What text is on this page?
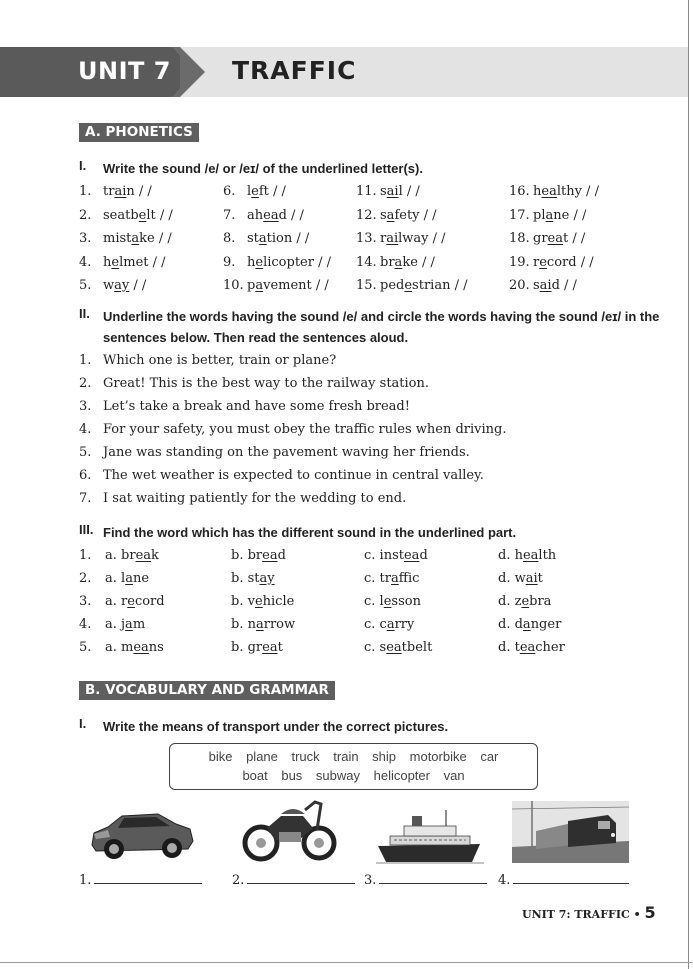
UNIT 7 TRAFFIC
A. PHONETICS
I. Write the sound /e/ or /eɪ/ of the underlined letter(s).
1. train / /	6. left / /	11. sail / /	16. healthy / /
2. seatbelt / /	7. ahead / /	12. safety / /	17. plane / /
3. mistake / /	8. station / /	13. railway / /	18. great / /
4. helmet / /	9. helicopter / / 14. brake / /	19. record / /
5. way / /	10. pavement / / 15. pedestrian / /	20. said / /
II. Underline the words having the sound /e/ and circle the words having the sound /eɪ/ in the sentences below. Then read the sentences aloud.
1. Which one is better, train or plane?
2. Great! This is the best way to the railway station.
3. Let’s take a break and have some fresh bread!
4. For your safety, you must obey the traffic rules when driving.
5. Jane was standing on the pavement waving her friends.
6. The wet weather is expected to continue in central valley.
7. I sat waiting patiently for the wedding to end.
III. Find the word which has the different sound in the underlined part.
1. a. break	b. bread	c. instead	d. health
2. a. lane	b. stay	c. traffic	d. wait
3. a. record	b. vehicle	c. lesson	d. zebra
4. a. jam	b. narrow	c. carry	d. danger
5. a. means	b. great	c. seatbelt	d. teacher
B. VOCABULARY AND GRAMMAR
I. Write the means of transport under the correct pictures.
bike plane truck train ship motorbike car
boat bus subway helicopter van
1.	2.	3.	4.
UNIT 7: TRAFFIC • 5
